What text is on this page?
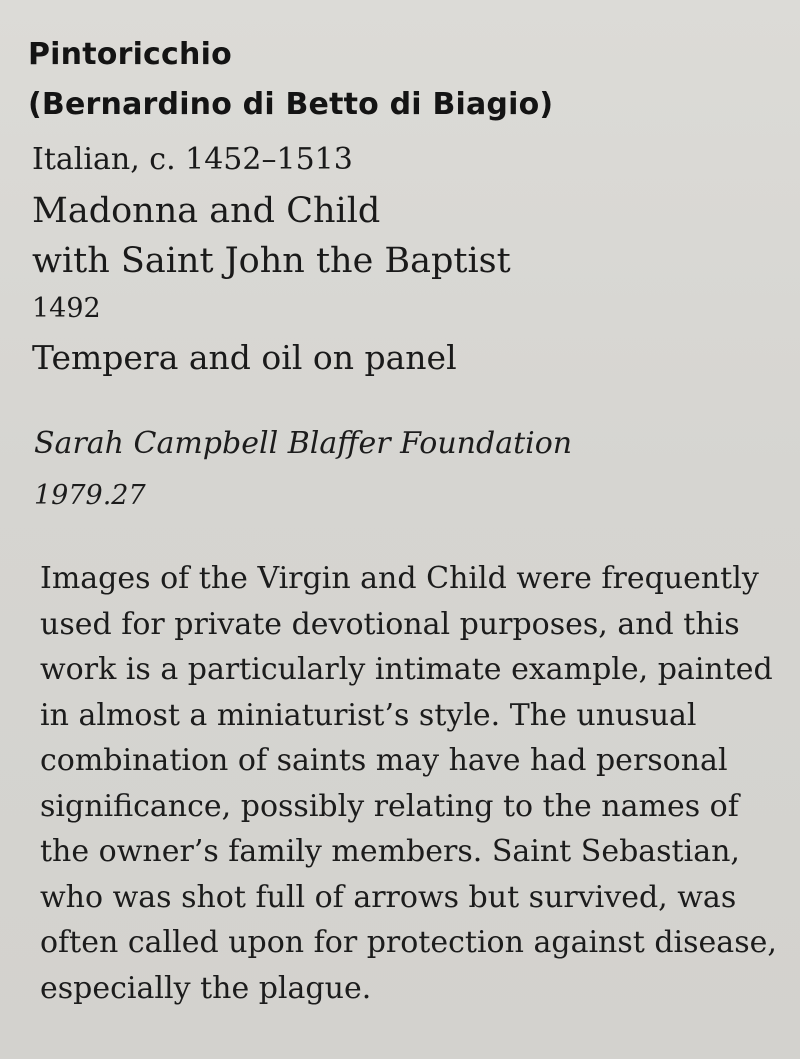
Pintoricchio
(Bernardino di Betto di Biagio)
Italian, c. 1452–1513
Madonna and Child
with Saint John the Baptist
1492
Tempera and oil on panel
Sarah Campbell Blaffer Foundation
1979.27
Images of the Virgin and Child were frequently
used for private devotional purposes, and this
work is a particularly intimate example, painted
in almost a miniaturist’s style. The unusual
combination of saints may have had personal
significance, possibly relating to the names of
the owner’s family members. Saint Sebastian,
who was shot full of arrows but survived, was
often called upon for protection against disease,
especially the plague.
